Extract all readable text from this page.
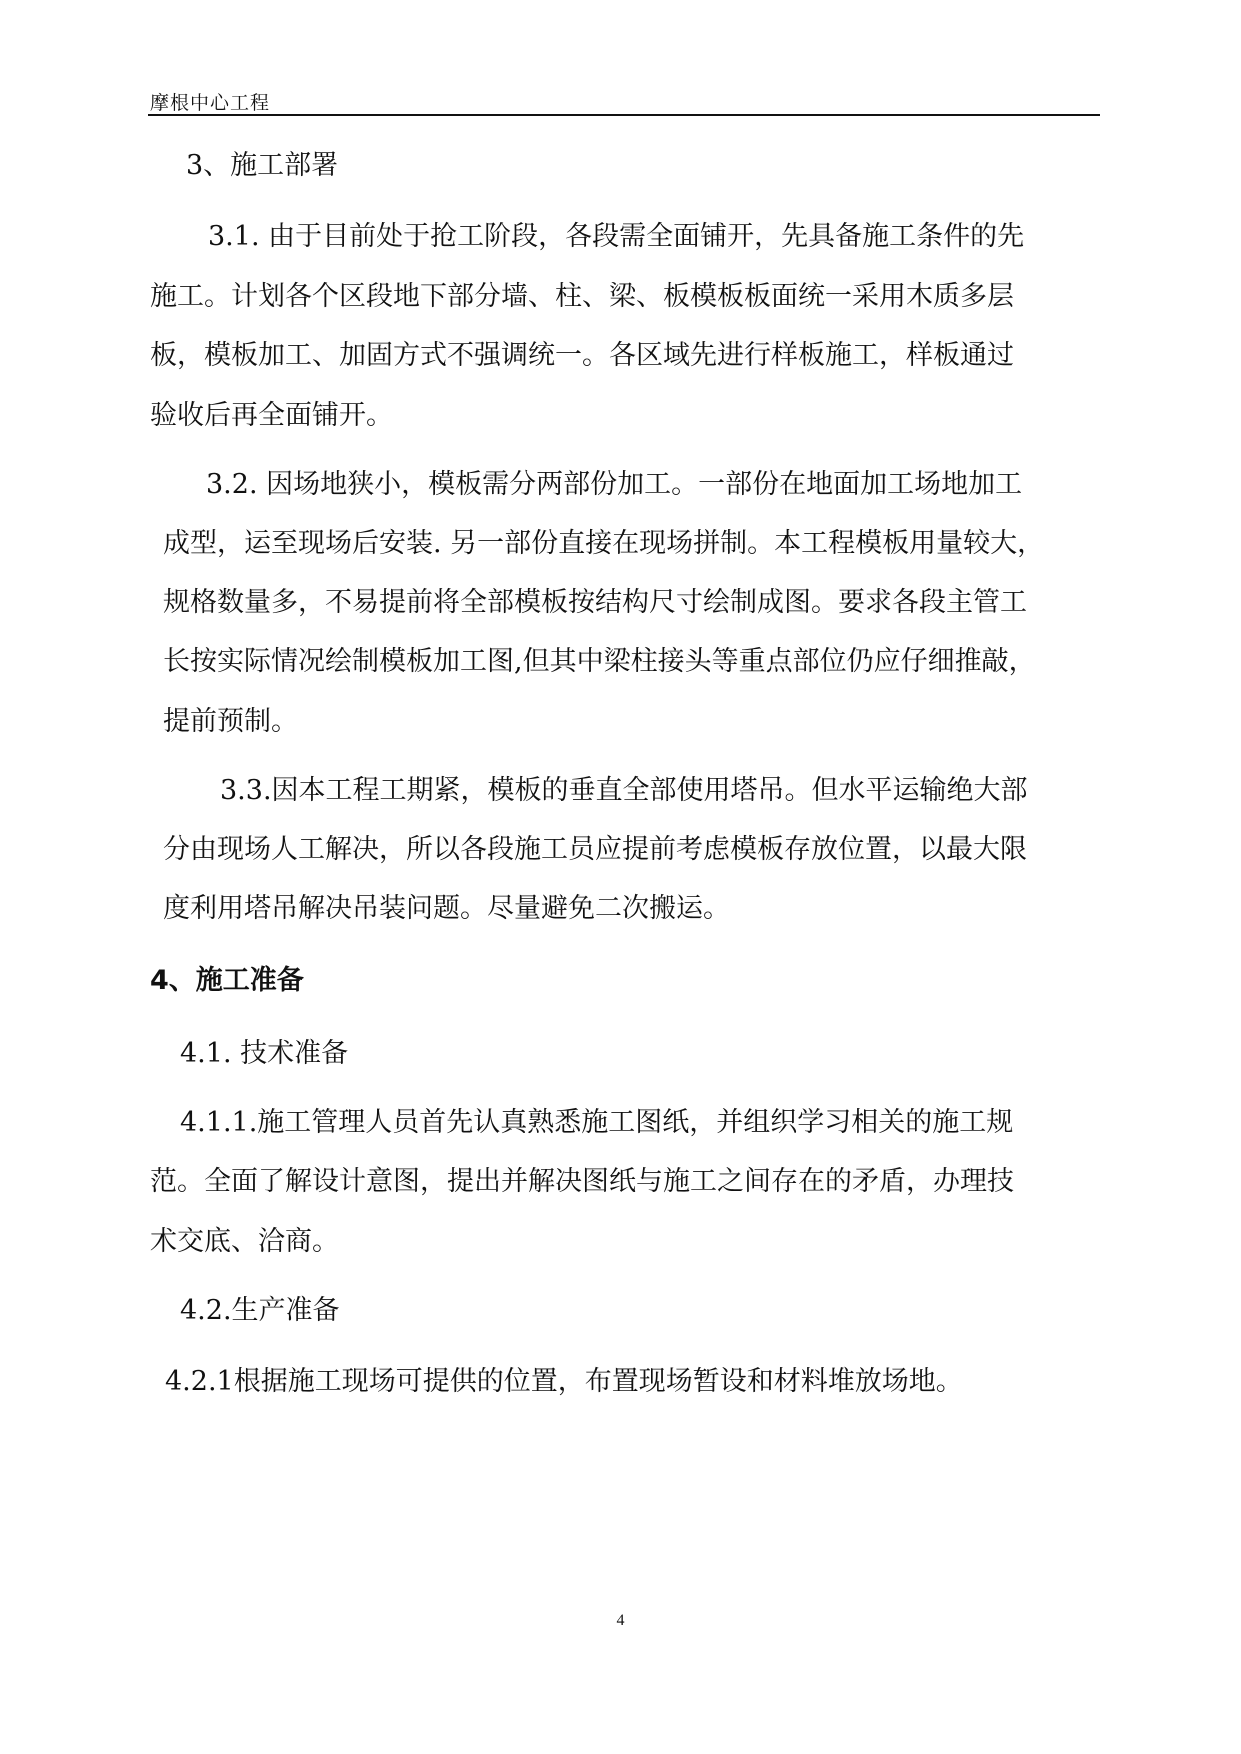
摩根中心工程
3、施工部署
3.1. 由于目前处于抢工阶段，各段需全面铺开，先具备施工条件的先
施工。计划各个区段地下部分墙、柱、梁、板模板板面统一采用木质多层
板，模板加工、加固方式不强调统一。各区域先进行样板施工，样板通过
验收后再全面铺开。
3.2. 因场地狭小，模板需分两部份加工。一部份在地面加工场地加工
成型，运至现场后安装. 另一部份直接在现场拼制。本工程模板用量较大，
规格数量多，不易提前将全部模板按结构尺寸绘制成图。要求各段主管工
长按实际情况绘制模板加工图,但其中梁柱接头等重点部位仍应仔细推敲，
提前预制。
3.3.因本工程工期紧，模板的垂直全部使用塔吊。但水平运输绝大部
分由现场人工解决，所以各段施工员应提前考虑模板存放位置，以最大限
度利用塔吊解决吊装问题。尽量避免二次搬运。
4、施工准备
4.1. 技术准备
4.1.1.施工管理人员首先认真熟悉施工图纸，并组织学习相关的施工规
范。全面了解设计意图，提出并解决图纸与施工之间存在的矛盾，办理技
术交底、洽商。
4.2.生产准备
4.2.1根据施工现场可提供的位置，布置现场暂设和材料堆放场地。
4
